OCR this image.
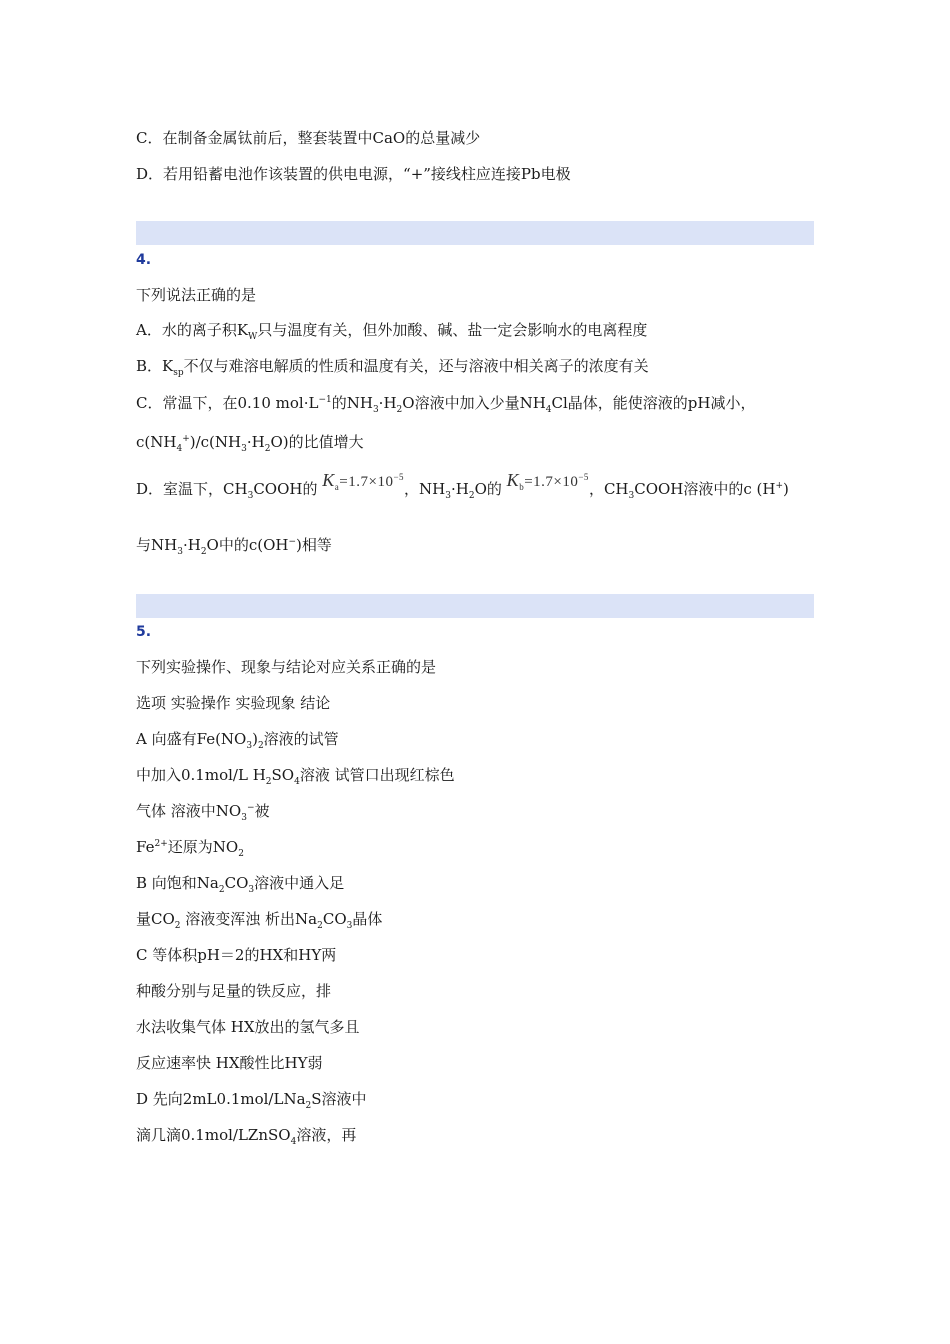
C．在制备金属钛前后，整套装置中CaO的总量减少
D．若用铅蓄电池作该装置的供电电源，“+”接线柱应连接Pb电极
4.
下列说法正确的是
A．水的离子积$K_W$只与温度有关，但外加酸、碱、盐一定会影响水的电离程度
B．$K_{sp}$不仅与难溶电解质的性质和温度有关，还与溶液中相关离子的浓度有关
C．常温下，在0.10 $mol\cdot L^{-1}$的$NH_3\cdot H_2O$溶液中加入少量$NH_4Cl$晶体，能使溶液的pH减小，
$c(NH_4^+)/c(NH_3\cdot H_2O)$的比值增大
D．室温下，$CH_3COOH$的 $K_a=1.7\times 10^{-5}$，$NH_3\cdot H_2O$的 $K_b=1.7\times 10^{-5}$，$CH_3COOH$溶液中的c (H+)
与$NH_3\cdot H_2O$中的c(OH−)相等
5.
下列实验操作、现象与结论对应关系正确的是
选项 实验操作 实验现象 结论
A 向盛有$Fe(NO_3)_2$溶液的试管
中加入0.1mol/L $H_2SO_4$溶液 试管口出现红棕色
气体 溶液中$NO_3^-$被
$Fe^{2+}$还原为$NO_2$
B 向饱和$Na_2CO_3$溶液中通入足
量$CO_2$ 溶液变浑浊 析出$Na_2CO_3$晶体
C 等体积pH＝2的HX和HY两
种酸分别与足量的铁反应，排
水法收集气体 HX放出的氢气多且
反应速率快 HX酸性比HY弱
D 先向2mL0.1mol/LNa$_2$S溶液中
滴几滴0.1mol/LZnSO$_4$溶液，再
